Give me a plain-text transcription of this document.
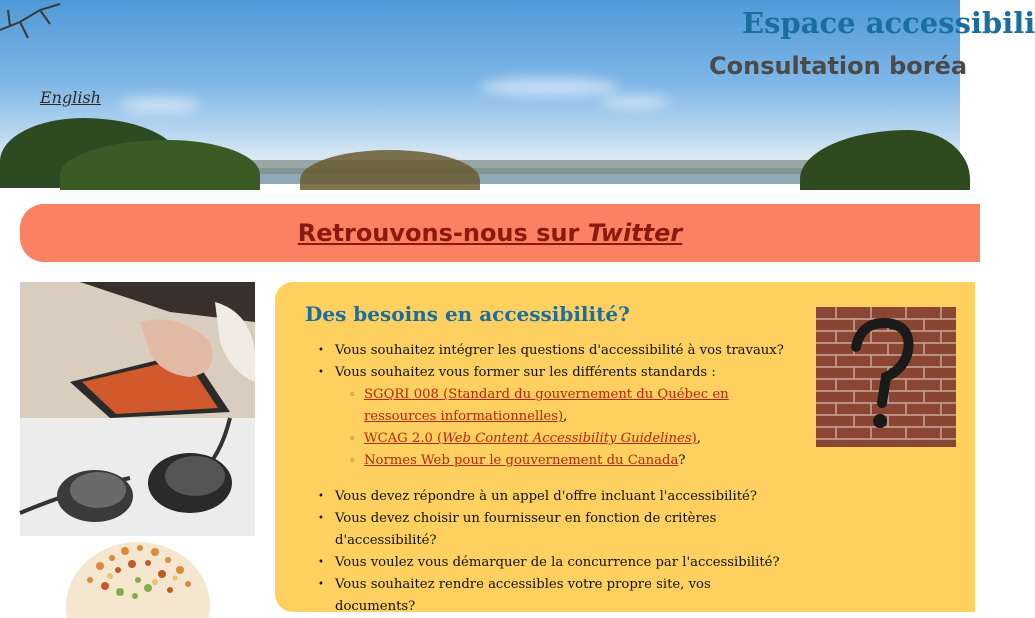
Espace accessibili
Consultation boréa
English
Retrouvons-nous sur Twitter
Des besoins en accessibilité?
• Vous souhaitez intégrer les questions d'accessibilité à vos travaux?
• Vous souhaitez vous former sur les différents standards :
◦ SGQRI 008 (Standard du gouvernement du Québec en ressources informationnelles),
◦ WCAG 2.0 (Web Content Accessibility Guidelines),
◦ Normes Web pour le gouvernement du Canada?
• Vous devez répondre à un appel d'offre incluant l'accessibilité?
• Vous devez choisir un fournisseur en fonction de critères d'accessibilité?
• Vous voulez vous démarquer de la concurrence par l'accessibilité?
• Vous souhaitez rendre accessibles votre propre site, vos documents?
